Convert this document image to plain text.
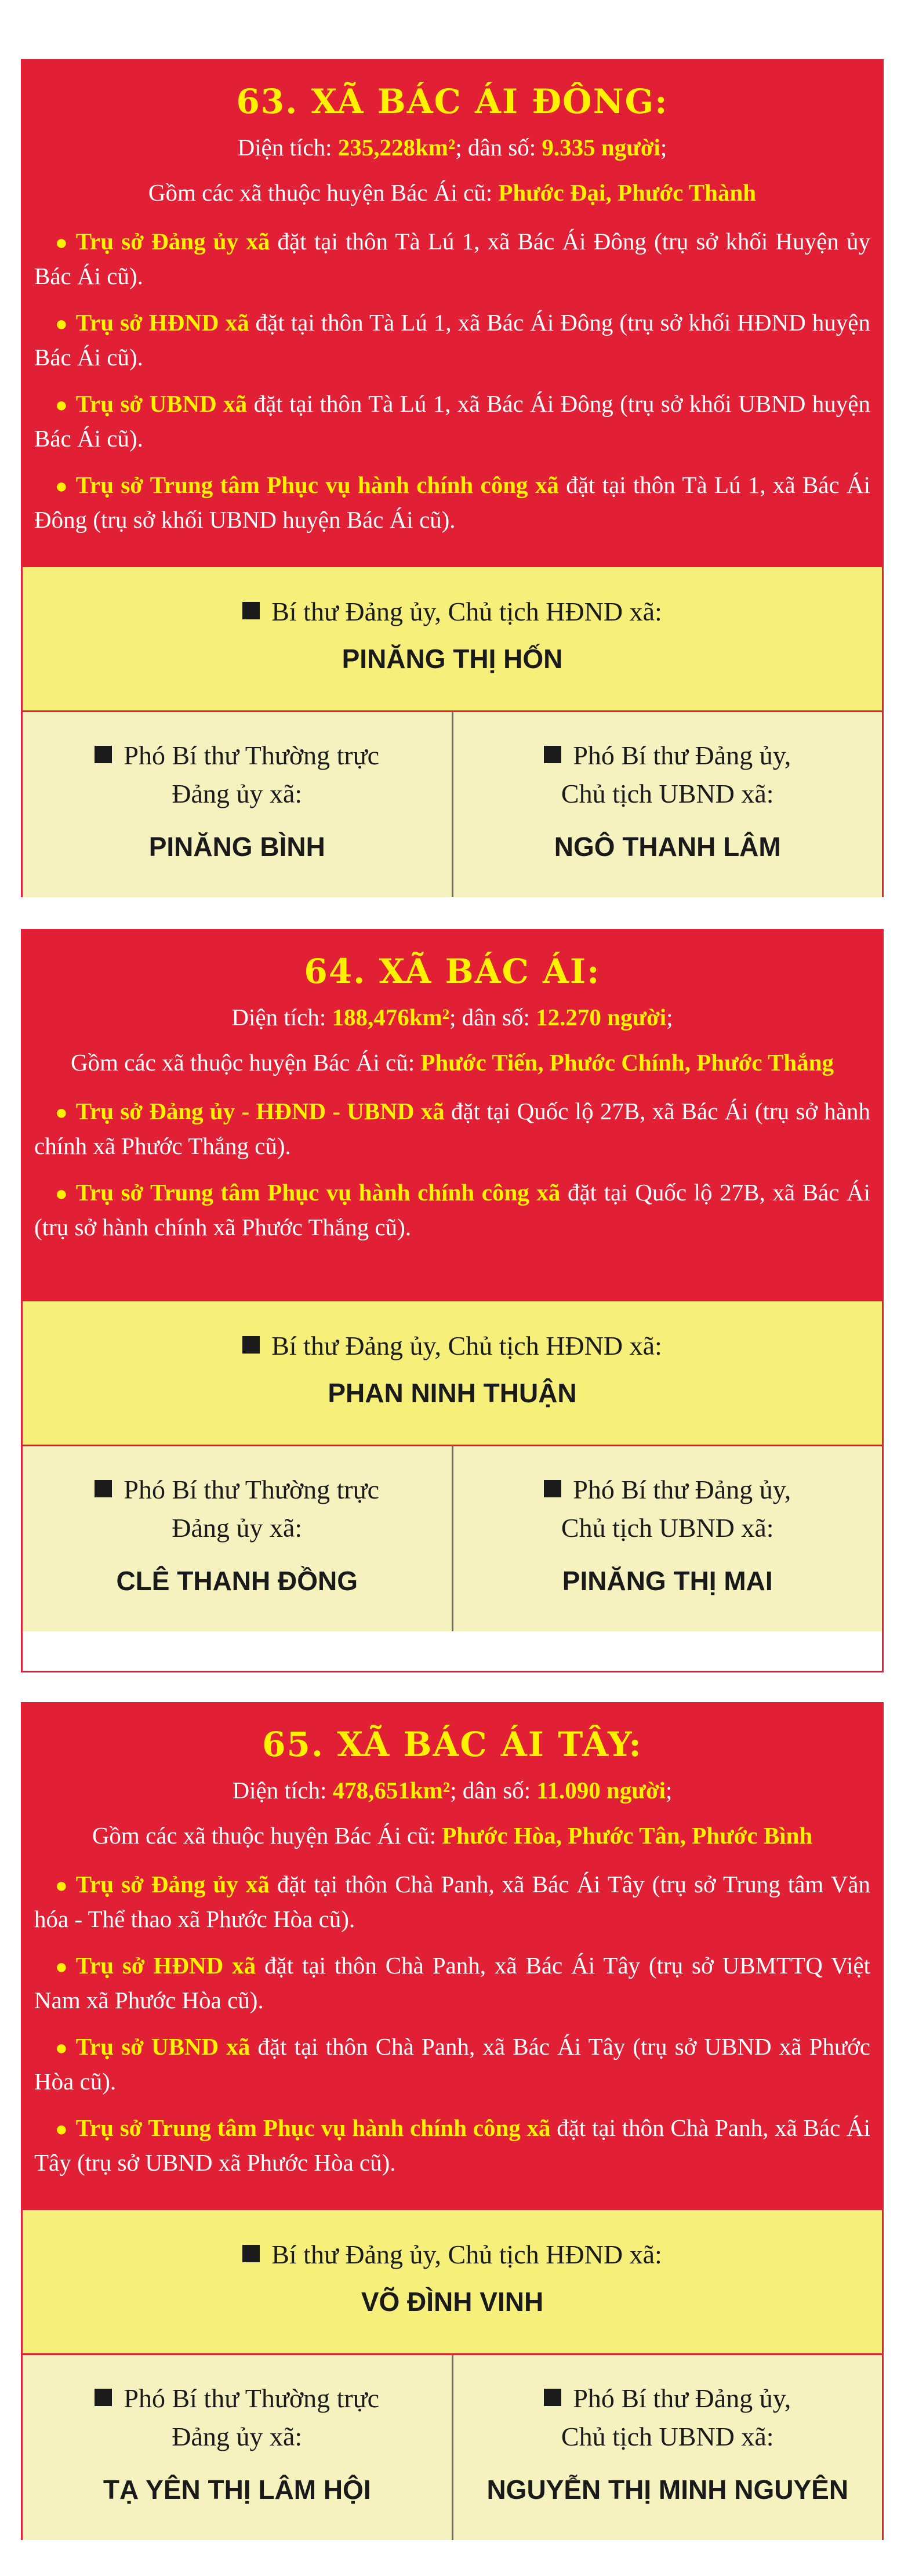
63. XÃ BÁC ÁI ĐÔNG:
Diện tích: 235,228km²; dân số: 9.335 người;
Gồm các xã thuộc huyện Bác Ái cũ: Phước Đại, Phước Thành
● Trụ sở Đảng ủy xã đặt tại thôn Tà Lú 1, xã Bác Ái Đông (trụ sở khối Huyện ủy Bác Ái cũ).
● Trụ sở HĐND xã đặt tại thôn Tà Lú 1, xã Bác Ái Đông (trụ sở khối HĐND huyện Bác Ái cũ).
● Trụ sở UBND xã đặt tại thôn Tà Lú 1, xã Bác Ái Đông (trụ sở khối UBND huyện Bác Ái cũ).
● Trụ sở Trung tâm Phục vụ hành chính công xã đặt tại thôn Tà Lú 1, xã Bác Ái Đông (trụ sở khối UBND huyện Bác Ái cũ).
Bí thư Đảng ủy, Chủ tịch HĐND xã:
PINĂNG THỊ HỐN
Phó Bí thư Thường trực
Đảng ủy xã:
PINĂNG BÌNH
Phó Bí thư Đảng ủy,
Chủ tịch UBND xã:
NGÔ THANH LÂM
64. XÃ BÁC ÁI:
Diện tích: 188,476km²; dân số: 12.270 người;
Gồm các xã thuộc huyện Bác Ái cũ: Phước Tiến, Phước Chính, Phước Thắng
● Trụ sở Đảng ủy - HĐND - UBND xã đặt tại Quốc lộ 27B, xã Bác Ái (trụ sở hành chính xã Phước Thắng cũ).
● Trụ sở Trung tâm Phục vụ hành chính công xã đặt tại Quốc lộ 27B, xã Bác Ái (trụ sở hành chính xã Phước Thắng cũ).
Bí thư Đảng ủy, Chủ tịch HĐND xã:
PHAN NINH THUẬN
Phó Bí thư Thường trực
Đảng ủy xã:
CLÊ THANH ĐỒNG
Phó Bí thư Đảng ủy,
Chủ tịch UBND xã:
PINĂNG THỊ MAI
65. XÃ BÁC ÁI TÂY:
Diện tích: 478,651km²; dân số: 11.090 người;
Gồm các xã thuộc huyện Bác Ái cũ: Phước Hòa, Phước Tân, Phước Bình
● Trụ sở Đảng ủy xã đặt tại thôn Chà Panh, xã Bác Ái Tây (trụ sở Trung tâm Văn hóa - Thể thao xã Phước Hòa cũ).
● Trụ sở HĐND xã đặt tại thôn Chà Panh, xã Bác Ái Tây (trụ sở UBMTTQ Việt Nam xã Phước Hòa cũ).
● Trụ sở UBND xã đặt tại thôn Chà Panh, xã Bác Ái Tây (trụ sở UBND xã Phước Hòa cũ).
● Trụ sở Trung tâm Phục vụ hành chính công xã đặt tại thôn Chà Panh, xã Bác Ái Tây (trụ sở UBND xã Phước Hòa cũ).
Bí thư Đảng ủy, Chủ tịch HĐND xã:
VÕ ĐÌNH VINH
Phó Bí thư Thường trực
Đảng ủy xã:
TẠ YÊN THỊ LÂM HỘI
Phó Bí thư Đảng ủy,
Chủ tịch UBND xã:
NGUYỄN THỊ MINH NGUYÊN
